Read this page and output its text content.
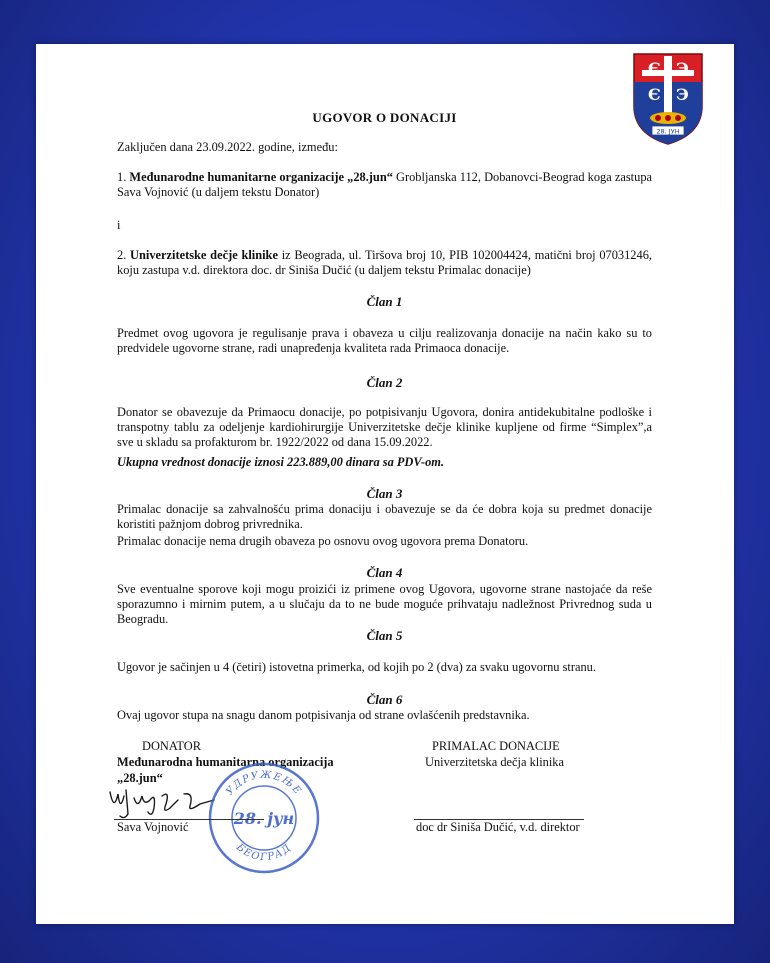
Є Э
Є Э
28. ЈУН
UGOVOR O DONACIJI
Zaključen dana 23.09.2022. godine, između:
1. Međunarodne humanitarne organizacije „28.jun“ Grobljanska 112, Dobanovci-Beograd koga zastupa Sava Vojnović (u daljem tekstu Donator)
i
2. Univerzitetske dečje klinike iz Beograda, ul. Tiršova broj 10, PIB 102004424, matični broj 07031246, koju zastupa v.d. direktora doc. dr Siniša Dučić (u daljem tekstu Primalac donacije)
Član 1
Predmet ovog ugovora je regulisanje prava i obaveza u cilju realizovanja donacije na način kako su to predvidele ugovorne strane, radi unapređenja kvaliteta rada Primaoca donacije.
Član 2
Donator se obavezuje da Primaocu donacije, po potpisivanju Ugovora, donira antidekubitalne podloške i transpotny tablu za odeljenje kardiohirurgije Univerzitetske dečje klinike kupljene od firme “Simplex”,a sve u skladu sa profakturom br. 1922/2022 od dana 15.09.2022.
Ukupna vrednost donacije iznosi 223.889,00 dinara sa PDV-om.
Član 3
Primalac donacije sa zahvalnošću prima donaciju i obavezuje se da će dobra koja su predmet donacije koristiti pažnjom dobrog privrednika.
Primalac donacije nema drugih obaveza po osnovu ovog ugovora prema Donatoru.
Član 4
Sve eventualne sporove koji mogu proizići iz primene ovog Ugovora, ugovorne strane nastojaće da reše sporazumno i mirnim putem, a u slučaju da to ne bude moguće prihvataju nadležnost Privrednog suda u Beogradu.
Član 5
Ugovor je sačinjen u 4 (četiri) istovetna primerka, od kojih po 2 (dva) za svaku ugovornu stranu.
Član 6
Ovaj ugovor stupa na snagu danom potpisivanja od strane ovlašćenih predstavnika.
DONATOR
Međunarodna humanitarna organizacija
„28.jun“
PRIMALAC DONACIJE
Univerzitetska dečja klinika
УДРУЖЕЊЕ
БЕОГРАД
28. јун
Sava Vojnović	doc dr Siniša Dučić, v.d. direktor
